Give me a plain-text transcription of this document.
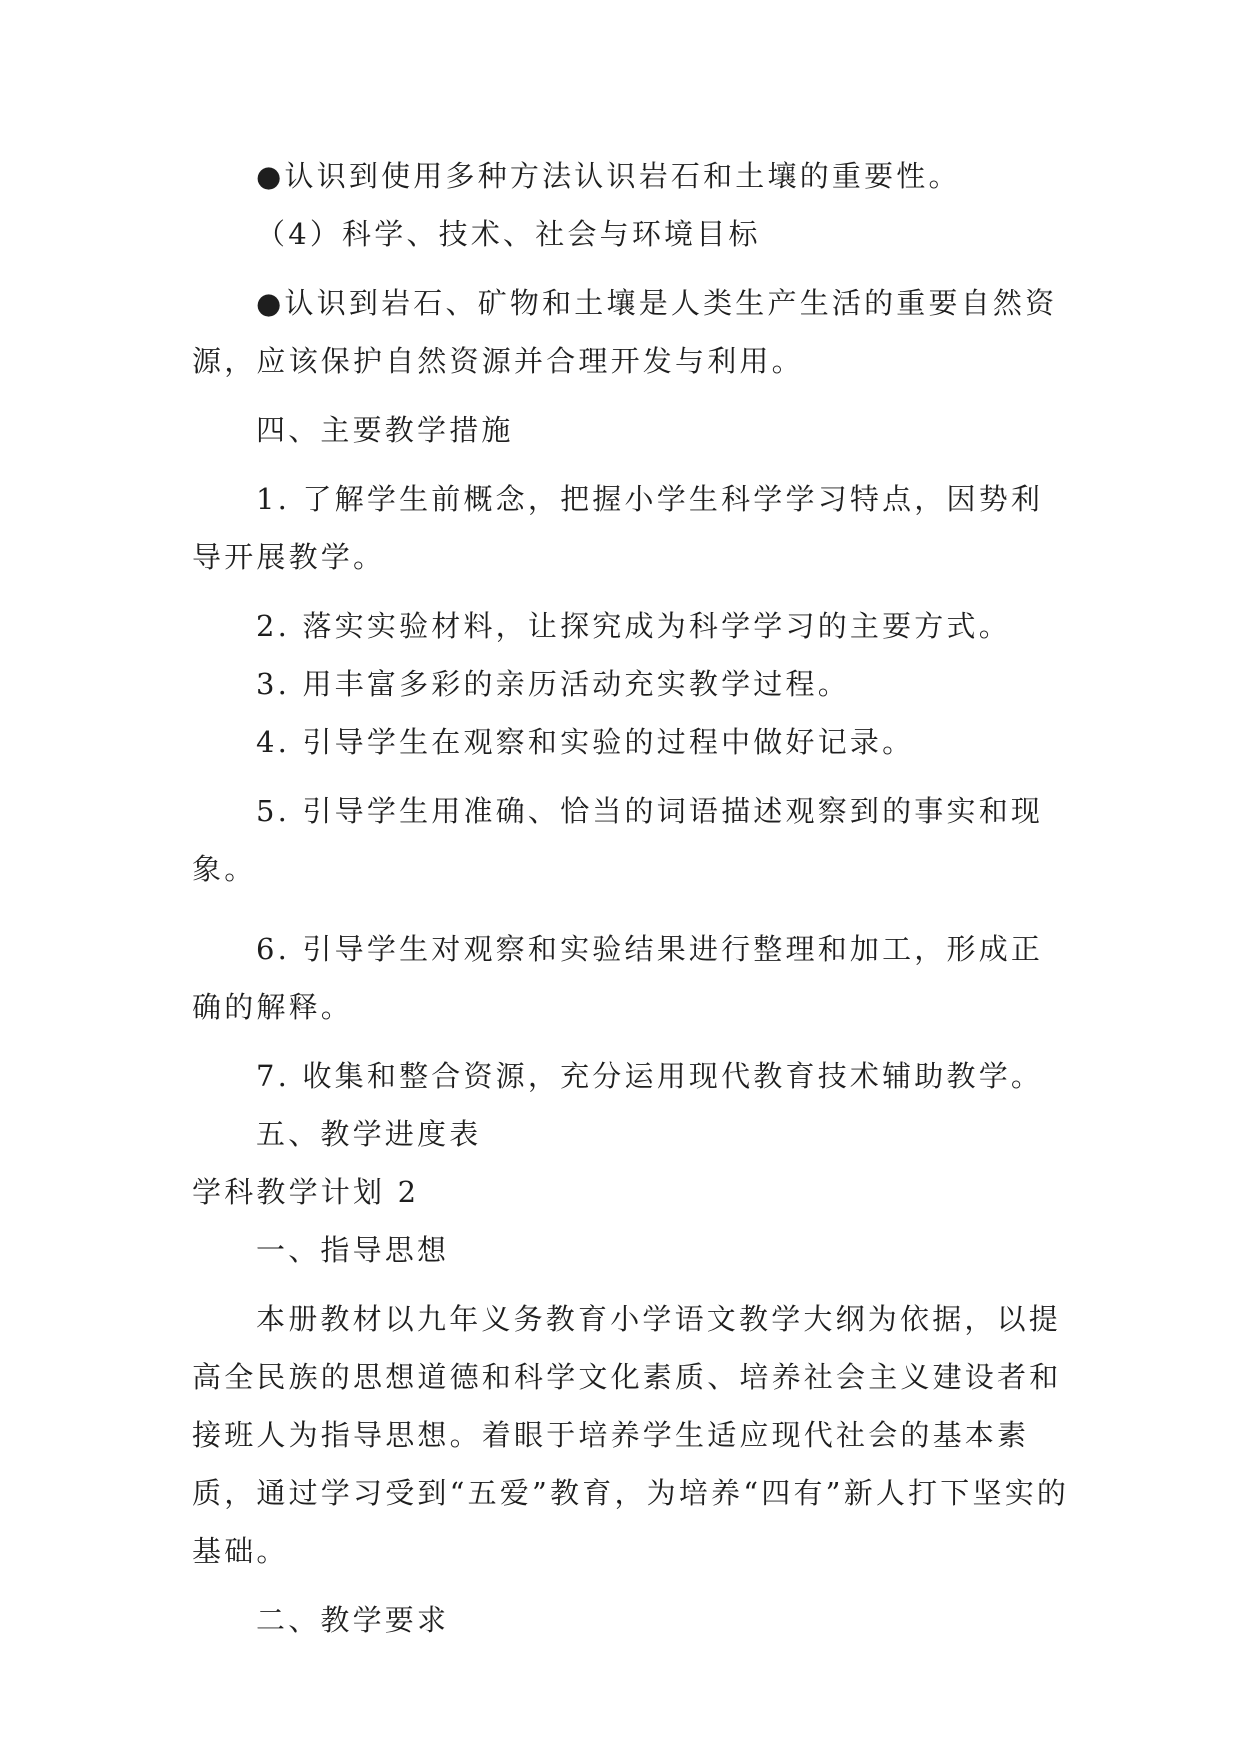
●认识到使用多种方法认识岩石和土壤的重要性。

（4）科学、技术、社会与环境目标

●认识到岩石、矿物和土壤是人类生产生活的重要自然资源，应该保护自然资源并合理开发与利用。

四、主要教学措施

1. 了解学生前概念，把握小学生科学学习特点，因势利导开展教学。

2. 落实实验材料，让探究成为科学学习的主要方式。

3. 用丰富多彩的亲历活动充实教学过程。

4. 引导学生在观察和实验的过程中做好记录。

5. 引导学生用准确、恰当的词语描述观察到的事实和现象。

6. 引导学生对观察和实验结果进行整理和加工，形成正确的解释。

7. 收集和整合资源，充分运用现代教育技术辅助教学。

五、教学进度表

学科教学计划 2

一、指导思想

本册教材以九年义务教育小学语文教学大纲为依据，以提高全民族的思想道德和科学文化素质、培养社会主义建设者和接班人为指导思想。着眼于培养学生适应现代社会的基本素质，通过学习受到“五爱”教育，为培养“四有”新人打下坚实的基础。

二、教学要求
